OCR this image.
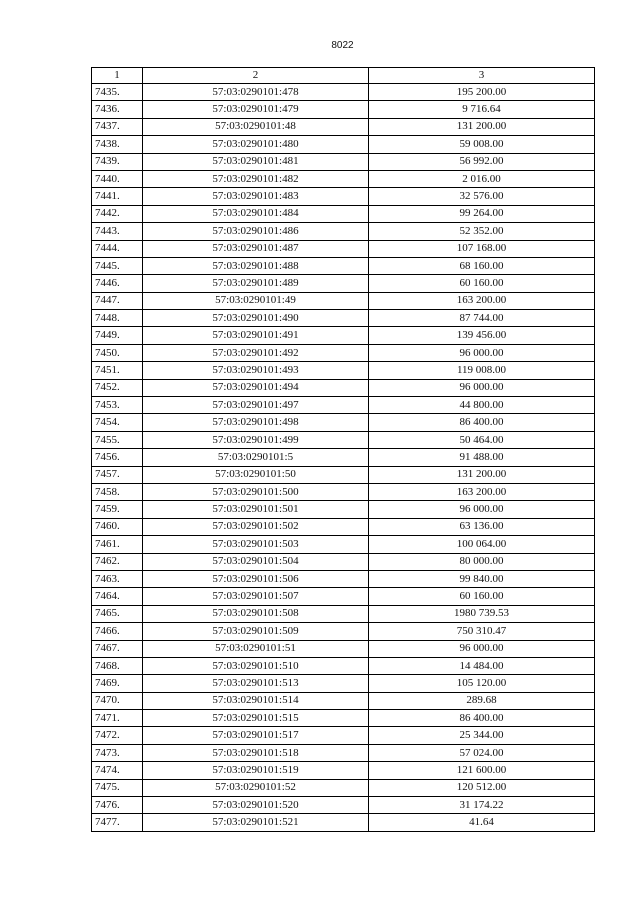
8022
1	2	3
7435.	57:03:0290101:478	195 200.00
7436.	57:03:0290101:479	9 716.64
7437.	57:03:0290101:48	131 200.00
7438.	57:03:0290101:480	59 008.00
7439.	57:03:0290101:481	56 992.00
7440.	57:03:0290101:482	2 016.00
7441.	57:03:0290101:483	32 576.00
7442.	57:03:0290101:484	99 264.00
7443.	57:03:0290101:486	52 352.00
7444.	57:03:0290101:487	107 168.00
7445.	57:03:0290101:488	68 160.00
7446.	57:03:0290101:489	60 160.00
7447.	57:03:0290101:49	163 200.00
7448.	57:03:0290101:490	87 744.00
7449.	57:03:0290101:491	139 456.00
7450.	57:03:0290101:492	96 000.00
7451.	57:03:0290101:493	119 008.00
7452.	57:03:0290101:494	96 000.00
7453.	57:03:0290101:497	44 800.00
7454.	57:03:0290101:498	86 400.00
7455.	57:03:0290101:499	50 464.00
7456.	57:03:0290101:5	91 488.00
7457.	57:03:0290101:50	131 200.00
7458.	57:03:0290101:500	163 200.00
7459.	57:03:0290101:501	96 000.00
7460.	57:03:0290101:502	63 136.00
7461.	57:03:0290101:503	100 064.00
7462.	57:03:0290101:504	80 000.00
7463.	57:03:0290101:506	99 840.00
7464.	57:03:0290101:507	60 160.00
7465.	57:03:0290101:508	1980 739.53
7466.	57:03:0290101:509	750 310.47
7467.	57:03:0290101:51	96 000.00
7468.	57:03:0290101:510	14 484.00
7469.	57:03:0290101:513	105 120.00
7470.	57:03:0290101:514	289.68
7471.	57:03:0290101:515	86 400.00
7472.	57:03:0290101:517	25 344.00
7473.	57:03:0290101:518	57 024.00
7474.	57:03:0290101:519	121 600.00
7475.	57:03:0290101:52	120 512.00
7476.	57:03:0290101:520	31 174.22
7477.	57:03:0290101:521	41.64
